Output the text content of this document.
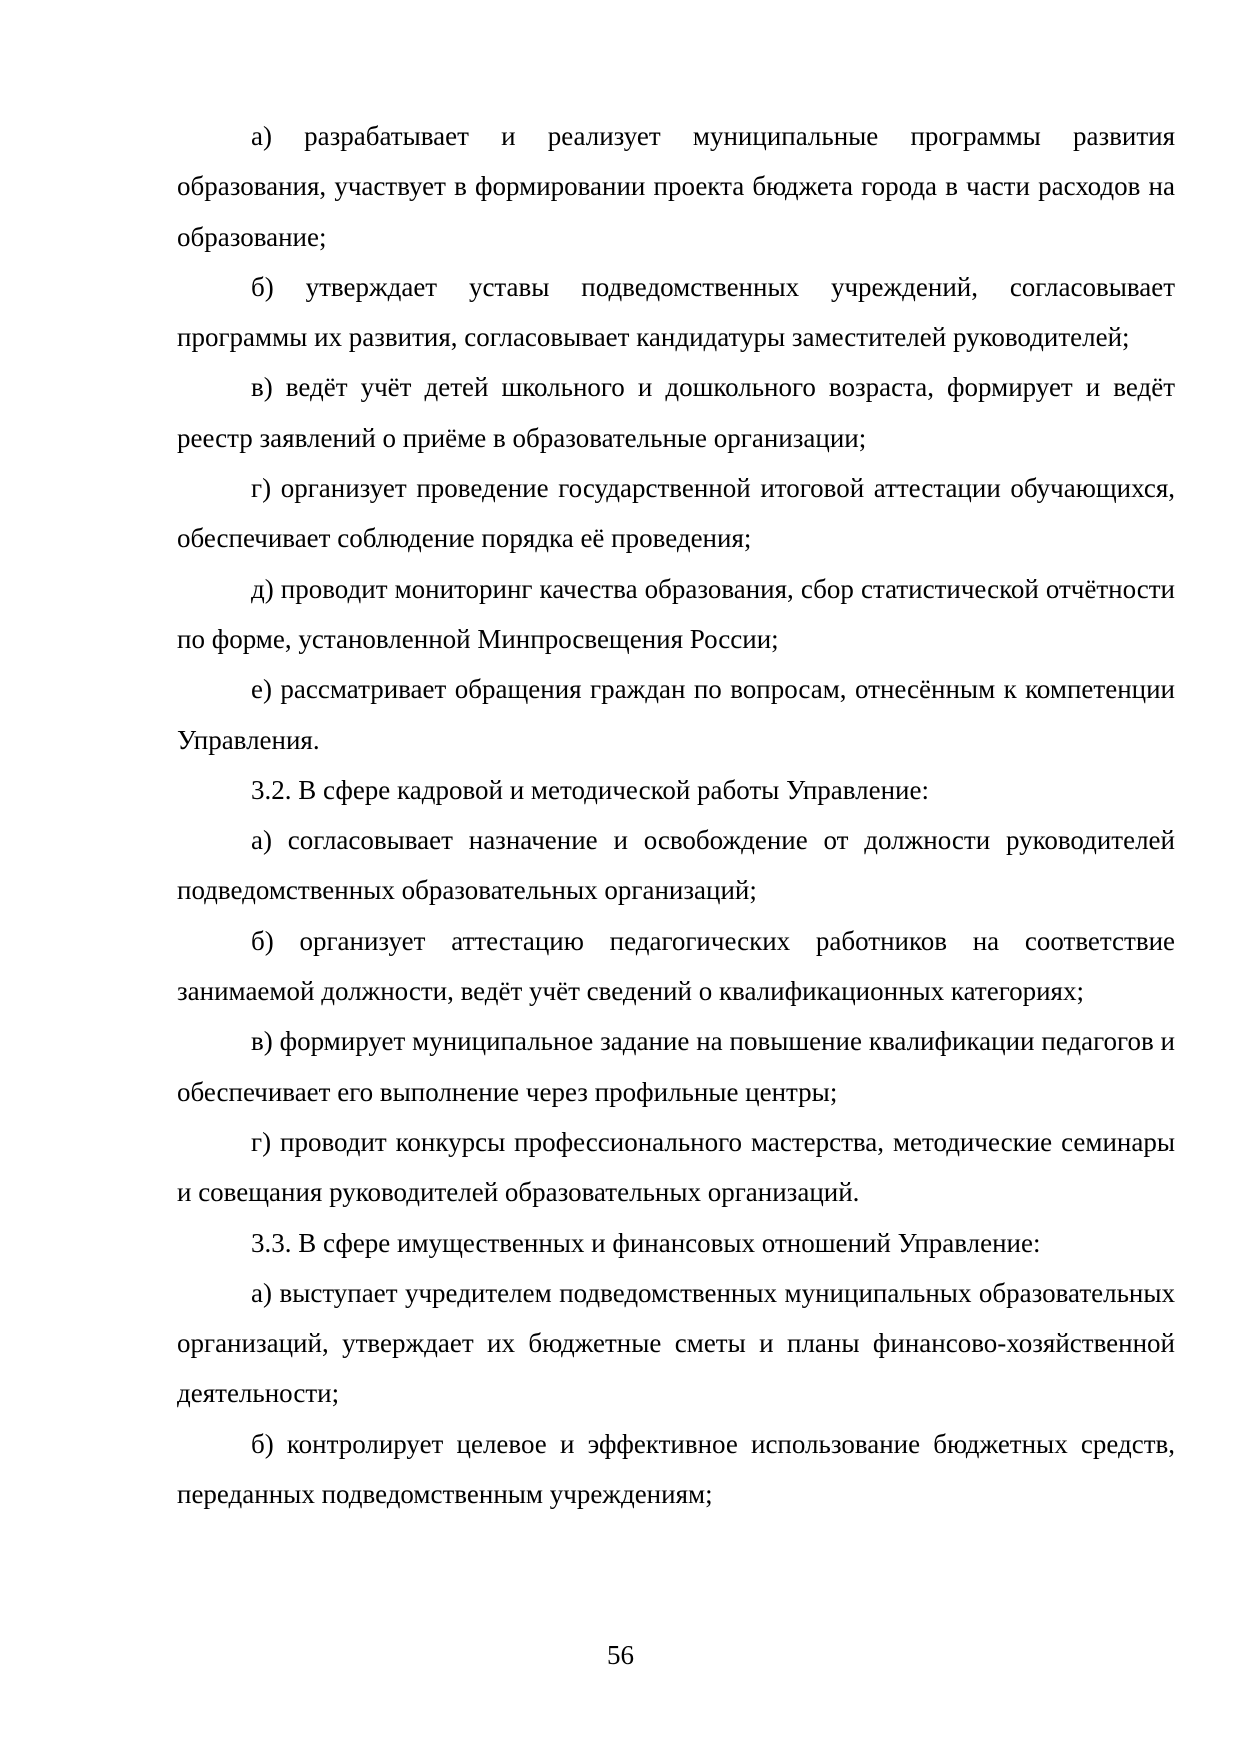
а) разрабатывает и реализует муниципальные программы развития образования, участвует в формировании проекта бюджета города в части расходов на образование;

б) утверждает уставы подведомственных учреждений, согласовывает программы их развития, согласовывает кандидатуры заместителей руководителей;

в) ведёт учёт детей школьного и дошкольного возраста, формирует и ведёт реестр заявлений о приёме в образовательные организации;

г) организует проведение государственной итоговой аттестации обучающихся, обеспечивает соблюдение порядка её проведения;

д) проводит мониторинг качества образования, сбор статистической отчётности по форме, установленной Минпросвещения России;

е) рассматривает обращения граждан по вопросам, отнесённым к компетенции Управления.

3.2. В сфере кадровой и методической работы Управление:

а) согласовывает назначение и освобождение от должности руководителей подведомственных образовательных организаций;

б) организует аттестацию педагогических работников на соответствие занимаемой должности, ведёт учёт сведений о квалификационных категориях;

в) формирует муниципальное задание на повышение квалификации педагогов и обеспечивает его выполнение через профильные центры;

г) проводит конкурсы профессионального мастерства, методические семинары и совещания руководителей образовательных организаций.

3.3. В сфере имущественных и финансовых отношений Управление:

а) выступает учредителем подведомственных муниципальных образовательных организаций, утверждает их бюджетные сметы и планы финансово-хозяйственной деятельности;

б) контролирует целевое и эффективное использование бюджетных средств, переданных подведомственным учреждениям;

56
